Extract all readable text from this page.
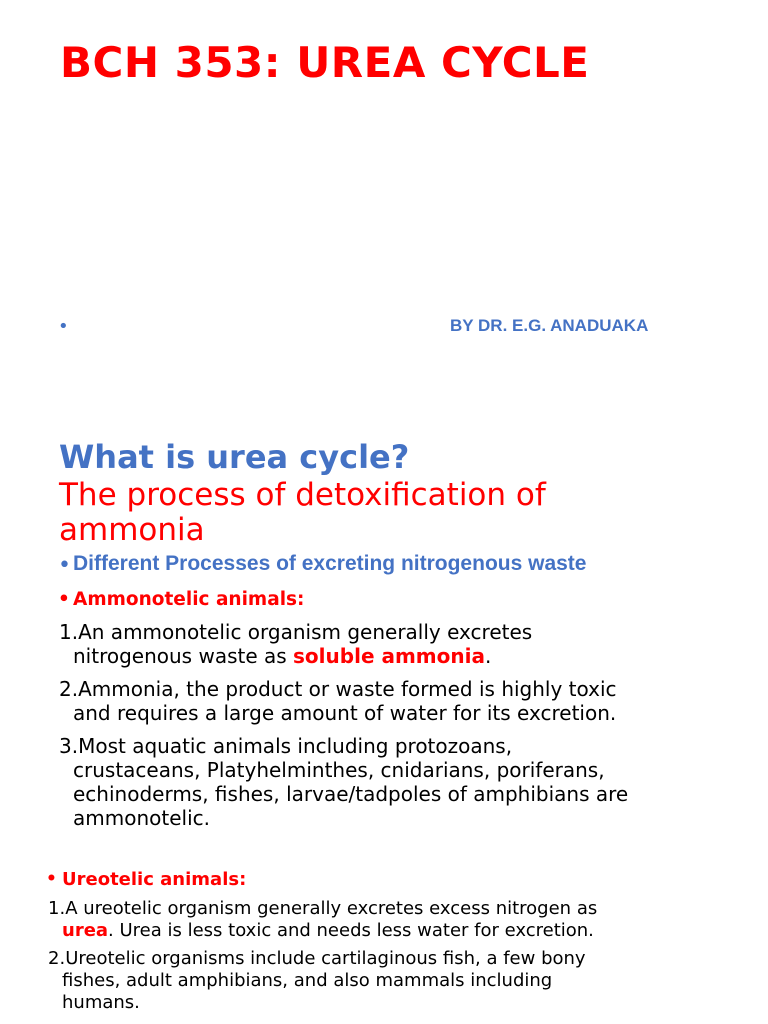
BCH 353: UREA CYCLE
•	BY DR. E.G. ANADUAKA
What is urea cycle?
The process of detoxification of ammonia
• Different Processes of excreting nitrogenous waste
• Ammonotelic animals:
1.An ammonotelic organism generally excretes
nitrogenous waste as soluble ammonia.
2.Ammonia, the product or waste formed is highly toxic
and requires a large amount of water for its excretion.
3.Most aquatic animals including protozoans,
crustaceans, Platyhelminthes, cnidarians, poriferans,
echinoderms, fishes, larvae/tadpoles of amphibians are
ammonotelic.
• Ureotelic animals:
1.A ureotelic organism generally excretes excess nitrogen as
urea. Urea is less toxic and needs less water for excretion.
2.Ureotelic organisms include cartilaginous fish, a few bony
fishes, adult amphibians, and also mammals including
humans.
